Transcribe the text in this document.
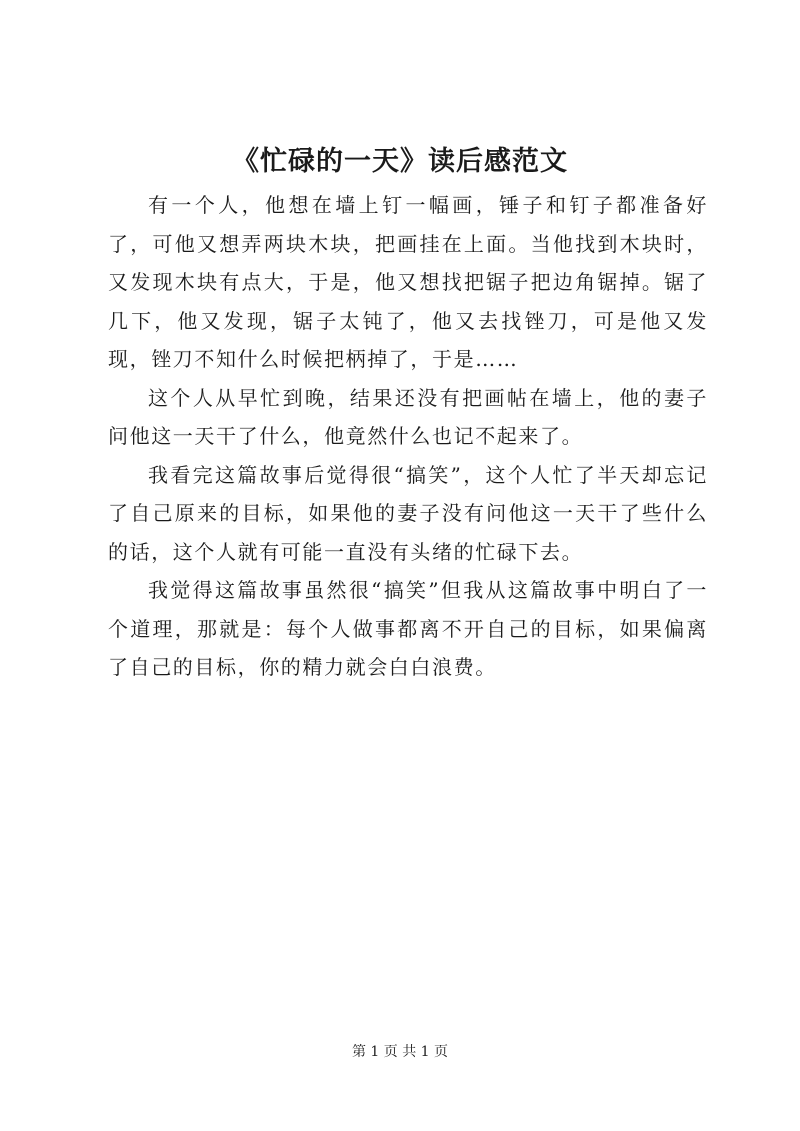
《忙碌的一天》读后感范文

有一个人，他想在墙上钉一幅画，锤子和钉子都准备好了，可他又想弄两块木块，把画挂在上面。当他找到木块时，又发现木块有点大，于是，他又想找把锯子把边角锯掉。锯了几下，他又发现，锯子太钝了，他又去找锉刀，可是他又发现，锉刀不知什么时候把柄掉了，于是……

这个人从早忙到晚，结果还没有把画帖在墙上，他的妻子问他这一天干了什么，他竟然什么也记不起来了。

我看完这篇故事后觉得很“搞笑”，这个人忙了半天却忘记了自己原来的目标，如果他的妻子没有问他这一天干了些什么的话，这个人就有可能一直没有头绪的忙碌下去。

我觉得这篇故事虽然很“搞笑”但我从这篇故事中明白了一个道理，那就是：每个人做事都离不开自己的目标，如果偏离了自己的目标，你的精力就会白白浪费。

第 1 页 共 1 页
